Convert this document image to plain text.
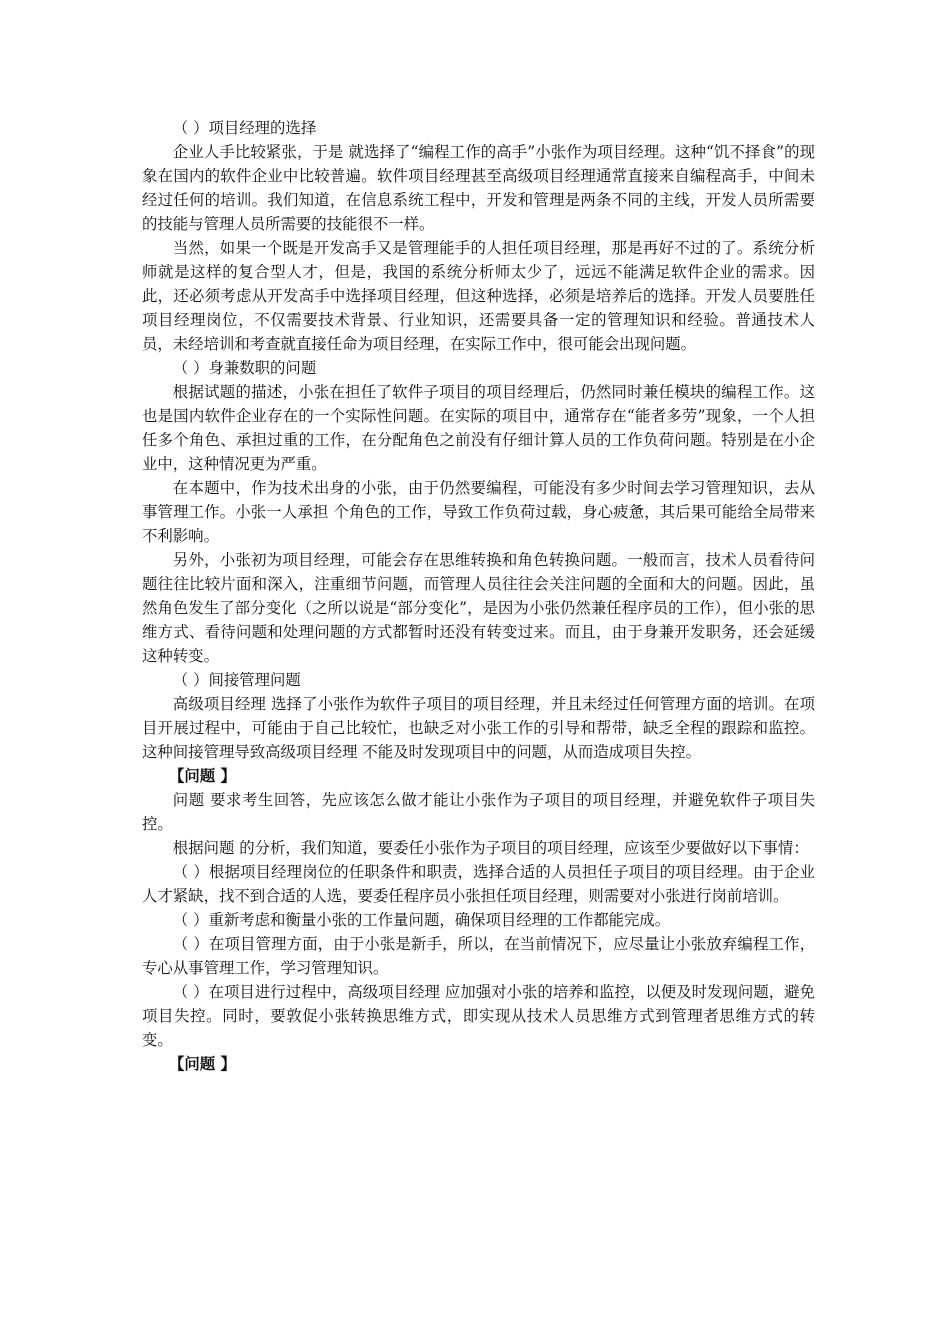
（ ）项目经理的选择

企业人手比较紧张，于是 就选择了“编程工作的高手”小张作为项目经理。这种“饥不择食”的现象在国内的软件企业中比较普遍。软件项目经理甚至高级项目经理通常直接来自编程高手，中间未经过任何的培训。我们知道，在信息系统工程中，开发和管理是两条不同的主线，开发人员所需要的技能与管理人员所需要的技能很不一样。

当然，如果一个既是开发高手又是管理能手的人担任项目经理，那是再好不过的了。系统分析师就是这样的复合型人才，但是，我国的系统分析师太少了，远远不能满足软件企业的需求。因此，还必须考虑从开发高手中选择项目经理，但这种选择，必须是培养后的选择。开发人员要胜任项目经理岗位，不仅需要技术背景、行业知识，还需要具备一定的管理知识和经验。普通技术人员，未经培训和考查就直接任命为项目经理，在实际工作中，很可能会出现问题。

（ ）身兼数职的问题

根据试题的描述，小张在担任了软件子项目的项目经理后，仍然同时兼任模块的编程工作。这也是国内软件企业存在的一个实际性问题。在实际的项目中，通常存在“能者多劳”现象，一个人担任多个角色、承担过重的工作，在分配角色之前没有仔细计算人员的工作负荷问题。特别是在小企业中，这种情况更为严重。

在本题中，作为技术出身的小张，由于仍然要编程，可能没有多少时间去学习管理知识，去从事管理工作。小张一人承担 个角色的工作，导致工作负荷过载，身心疲惫，其后果可能给全局带来不利影响。

另外，小张初为项目经理，可能会存在思维转换和角色转换问题。一般而言，技术人员看待问题往往比较片面和深入，注重细节问题，而管理人员往往会关注问题的全面和大的问题。因此，虽然角色发生了部分变化（之所以说是“部分变化”，是因为小张仍然兼任程序员的工作），但小张的思维方式、看待问题和处理问题的方式都暂时还没有转变过来。而且，由于身兼开发职务，还会延缓这种转变。

（ ）间接管理问题

高级项目经理 选择了小张作为软件子项目的项目经理，并且未经过任何管理方面的培训。在项目开展过程中，可能由于自己比较忙，也缺乏对小张工作的引导和帮带，缺乏全程的跟踪和监控。这种间接管理导致高级项目经理 不能及时发现项目中的问题，从而造成项目失控。

【问题 】

问题 要求考生回答，先应该怎么做才能让小张作为子项目的项目经理，并避免软件子项目失控。

根据问题 的分析，我们知道，要委任小张作为子项目的项目经理，应该至少要做好以下事情：

（ ）根据项目经理岗位的任职条件和职责，选择合适的人员担任子项目的项目经理。由于企业人才紧缺，找不到合适的人选，要委任程序员小张担任项目经理，则需要对小张进行岗前培训。

（ ）重新考虑和衡量小张的工作量问题，确保项目经理的工作都能完成。

（ ）在项目管理方面，由于小张是新手，所以，在当前情况下，应尽量让小张放弃编程工作，专心从事管理工作，学习管理知识。

（ ）在项目进行过程中，高级项目经理 应加强对小张的培养和监控，以便及时发现问题，避免项目失控。同时，要敦促小张转换思维方式，即实现从技术人员思维方式到管理者思维方式的转变。

【问题 】
